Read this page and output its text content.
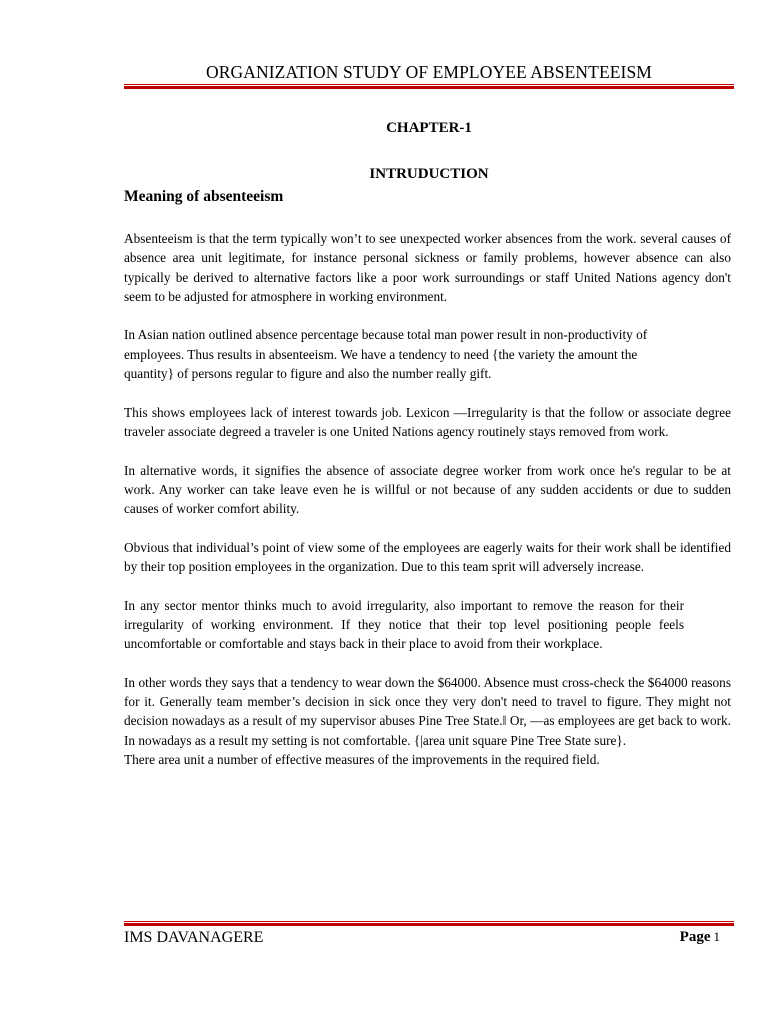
ORGANIZATION STUDY OF EMPLOYEE ABSENTEEISM
CHAPTER-1
INTRUDUCTION
Meaning of absenteeism

Absenteeism is that the term typically won’t to see unexpected worker absences from the work. several causes of absence area unit legitimate, for instance personal sickness or family problems, however absence can also typically be derived to alternative factors like a poor work surroundings or staff United Nations agency don't seem to be adjusted for atmosphere in working environment.

In Asian nation outlined absence percentage because total man power result in non-productivity of employees. Thus results in absenteeism. We have a tendency to need {the variety the amount the quantity} of persons regular to figure and also the number really gift.

This shows employees lack of interest towards job. Lexicon ―Irregularity is that the follow or associate degree traveler associate degreed a traveler is one United Nations agency routinely stays removed from work.

In alternative words, it signifies the absence of associate degree worker from work once he's regular to be at work. Any worker can take leave even he is willful or not because of any sudden accidents or due to sudden causes of worker comfort ability.

Obvious that individual’s point of view some of the employees are eagerly waits for their work shall be identified by their top position employees in the organization. Due to this team sprit will adversely increase.

In any sector mentor thinks much to avoid irregularity, also important to remove the reason for their irregularity of working environment. If they notice that their top level positioning people feels uncomfortable or comfortable and stays back in their place to avoid from their workplace.

In other words they says that a tendency to wear down the $64000. Absence must cross-check the $64000 reasons for it. Generally team member’s decision in sick once they very don't need to travel to figure. They might not decision nowadays as a result of my supervisor abuses Pine Tree State.‖ Or, ―as employees are get back to work. In nowadays as a result my setting is not comfortable. {|area unit square Pine Tree State sure}.

There area unit a number of effective measures of the improvements in the required field.

IMS DAVANAGERE	Page 1
